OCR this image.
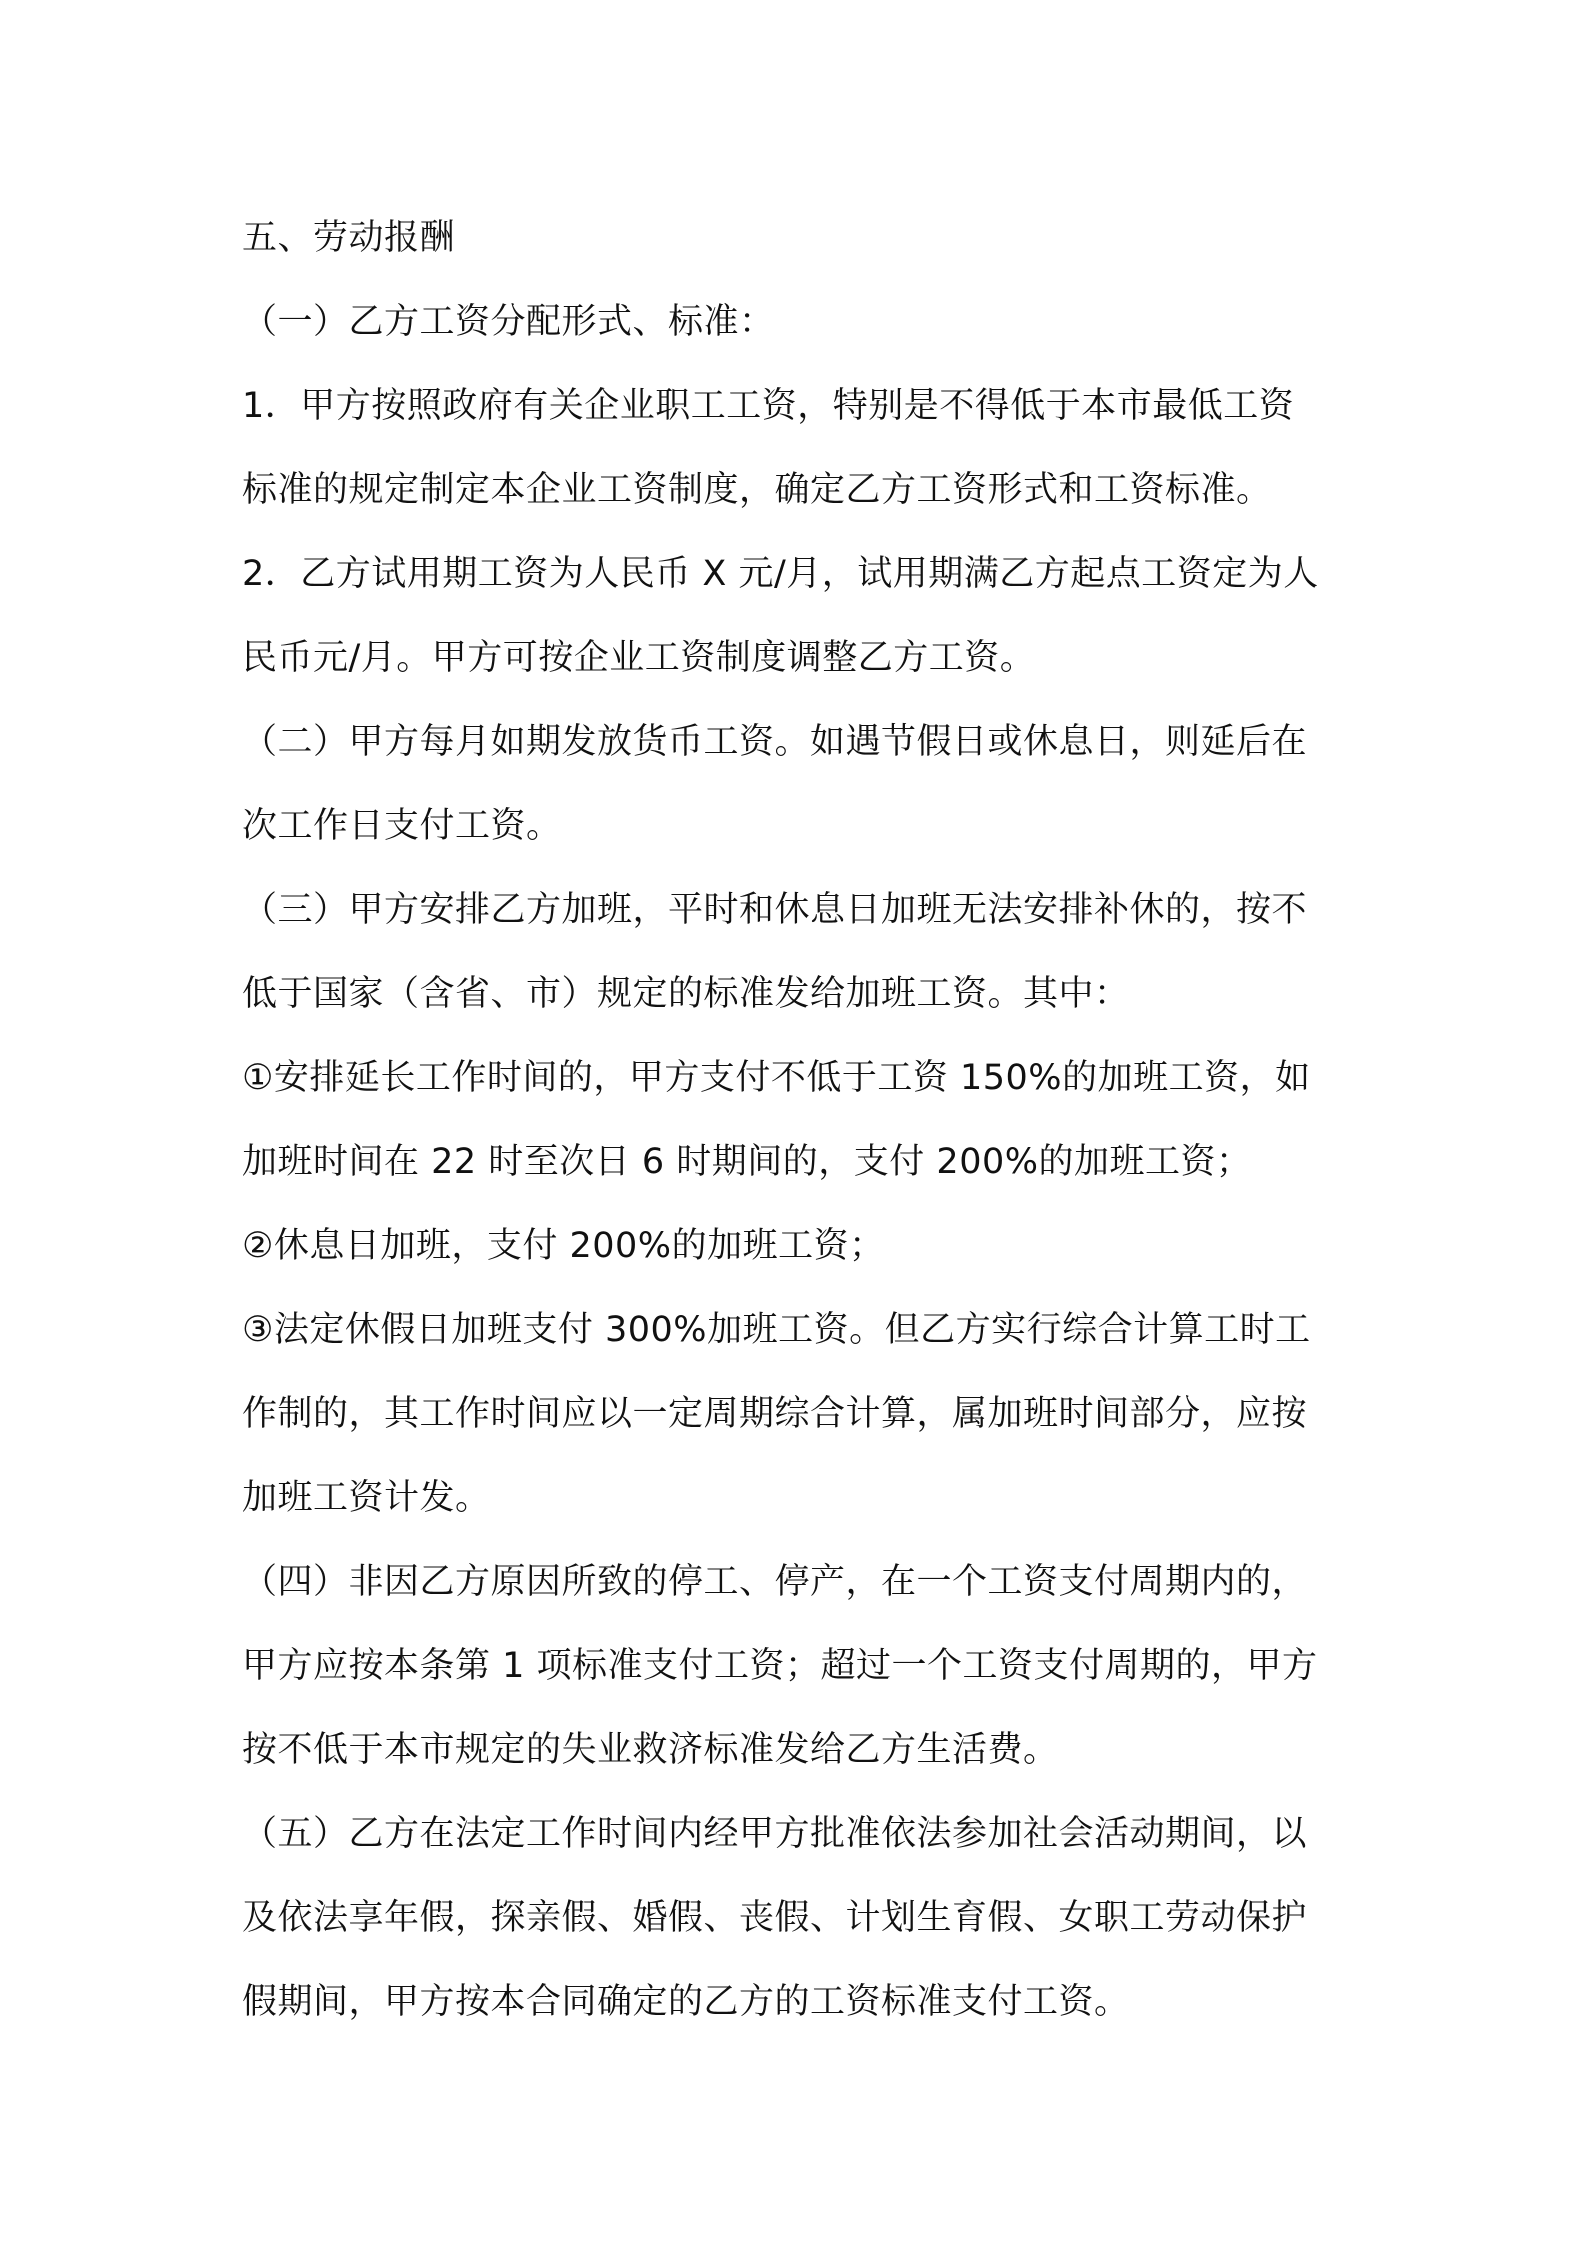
五、劳动报酬

（一）乙方工资分配形式、标准：

1．甲方按照政府有关企业职工工资，特别是不得低于本市最低工资
标准的规定制定本企业工资制度，确定乙方工资形式和工资标准。

2．乙方试用期工资为人民币 X 元/月，试用期满乙方起点工资定为人
民币元/月。甲方可按企业工资制度调整乙方工资。

（二）甲方每月如期发放货币工资。如遇节假日或休息日，则延后在
次工作日支付工资。

（三）甲方安排乙方加班，平时和休息日加班无法安排补休的，按不
低于国家（含省、市）规定的标准发给加班工资。其中：

①安排延长工作时间的，甲方支付不低于工资 150%的加班工资，如
加班时间在 22 时至次日 6 时期间的，支付 200%的加班工资；

②休息日加班，支付 200%的加班工资；

③法定休假日加班支付 300%加班工资。但乙方实行综合计算工时工
作制的，其工作时间应以一定周期综合计算，属加班时间部分，应按
加班工资计发。

（四）非因乙方原因所致的停工、停产，在一个工资支付周期内的，
甲方应按本条第 1 项标准支付工资；超过一个工资支付周期的，甲方
按不低于本市规定的失业救济标准发给乙方生活费。

（五）乙方在法定工作时间内经甲方批准依法参加社会活动期间，以
及依法享年假，探亲假、婚假、丧假、计划生育假、女职工劳动保护
假期间，甲方按本合同确定的乙方的工资标准支付工资。
